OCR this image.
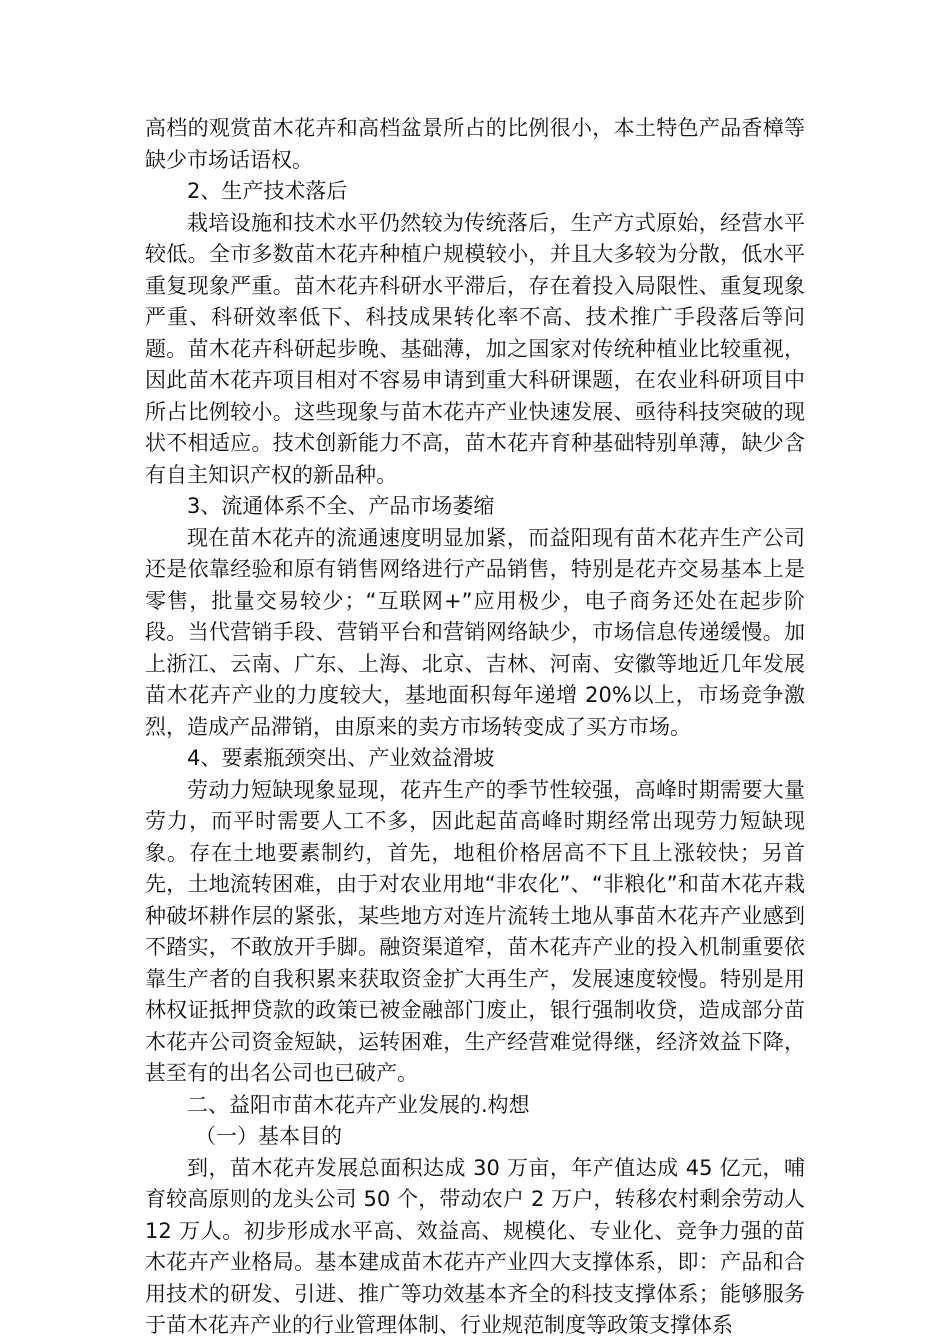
高档的观赏苗木花卉和高档盆景所占的比例很小，本土特色产品香樟等缺少市场话语权。

2、生产技术落后

栽培设施和技术水平仍然较为传统落后，生产方式原始，经营水平较低。全市多数苗木花卉种植户规模较小，并且大多较为分散，低水平重复现象严重。苗木花卉科研水平滞后，存在着投入局限性、重复现象严重、科研效率低下、科技成果转化率不高、技术推广手段落后等问题。苗木花卉科研起步晚、基础薄，加之国家对传统种植业比较重视，因此苗木花卉项目相对不容易申请到重大科研课题，在农业科研项目中所占比例较小。这些现象与苗木花卉产业快速发展、亟待科技突破的现状不相适应。技术创新能力不高，苗木花卉育种基础特别单薄，缺少含有自主知识产权的新品种。

3、流通体系不全、产品市场萎缩

现在苗木花卉的流通速度明显加紧，而益阳现有苗木花卉生产公司还是依靠经验和原有销售网络进行产品销售，特别是花卉交易基本上是零售，批量交易较少；“互联网+”应用极少，电子商务还处在起步阶段。当代营销手段、营销平台和营销网络缺少，市场信息传递缓慢。加上浙江、云南、广东、上海、北京、吉林、河南、安徽等地近几年发展苗木花卉产业的力度较大，基地面积每年递增 20%以上，市场竞争激烈，造成产品滞销，由原来的卖方市场转变成了买方市场。

4、要素瓶颈突出、产业效益滑坡

劳动力短缺现象显现，花卉生产的季节性较强，高峰时期需要大量劳力，而平时需要人工不多，因此起苗高峰时期经常出现劳力短缺现象。存在土地要素制约，首先，地租价格居高不下且上涨较快；另首先，土地流转困难，由于对农业用地“非农化”、“非粮化”和苗木花卉栽种破坏耕作层的紧张，某些地方对连片流转土地从事苗木花卉产业感到不踏实，不敢放开手脚。融资渠道窄，苗木花卉产业的投入机制重要依靠生产者的自我积累来获取资金扩大再生产，发展速度较慢。特别是用林权证抵押贷款的政策已被金融部门废止，银行强制收贷，造成部分苗木花卉公司资金短缺，运转困难，生产经营难觉得继，经济效益下降，甚至有的出名公司也已破产。

二、益阳市苗木花卉产业发展的.构想

（一）基本目的

到，苗木花卉发展总面积达成 30 万亩，年产值达成 45 亿元，哺育较高原则的龙头公司 50 个，带动农户 2 万户，转移农村剩余劳动人 12 万人。初步形成水平高、效益高、规模化、专业化、竞争力强的苗木花卉产业格局。基本建成苗木花卉产业四大支撑体系，即：产品和合用技术的研发、引进、推广等功效基本齐全的科技支撑体系；能够服务于苗木花卉产业的行业管理体制、行业规范制度等政策支撑体系
